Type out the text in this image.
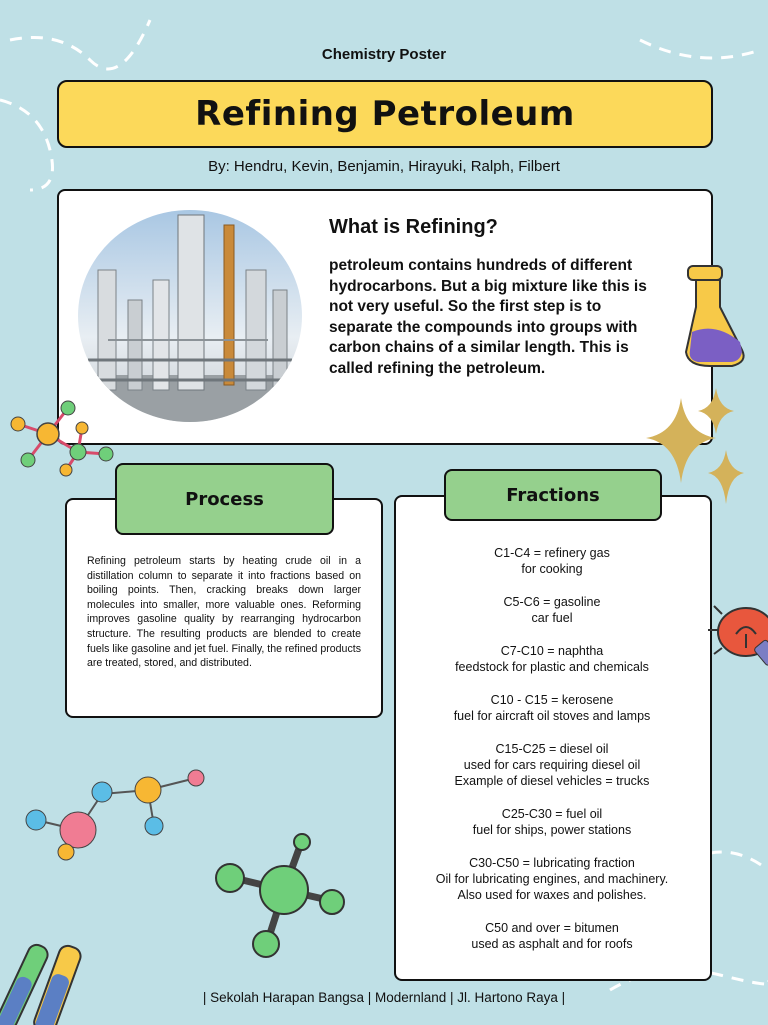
Chemistry Poster
Refining Petroleum
By: Hendru, Kevin, Benjamin, Hirayuki, Ralph, Filbert
What is Refining?
petroleum contains hundreds of different hydrocarbons. But a big mixture like this is not very useful. So the first step is to separate the compounds into groups with carbon chains of a similar length. This is called refining the petroleum.
Process
Refining petroleum starts by heating crude oil in a distillation column to separate it into fractions based on boiling points. Then, cracking breaks down larger molecules into smaller, more valuable ones. Reforming improves gasoline quality by rearranging hydrocarbon structure. The resulting products are blended to create fuels like gasoline and jet fuel. Finally, the refined products are treated, stored, and distributed.
Fractions
C1-C4 = refinery gas
for cooking
C5-C6 = gasoline
car fuel
C7-C10 = naphtha
feedstock for plastic and chemicals
C10 - C15 = kerosene
fuel for aircraft oil stoves and lamps
C15-C25 = diesel oil
used for cars requiring diesel oil
Example of diesel vehicles = trucks
C25-C30 = fuel oil
fuel for ships, power stations
C30-C50 = lubricating fraction
Oil for lubricating engines, and machinery.
Also used for waxes and polishes.
C50 and over = bitumen
used as asphalt and for roofs
| Sekolah Harapan Bangsa | Modernland | Jl. Hartono Raya |
